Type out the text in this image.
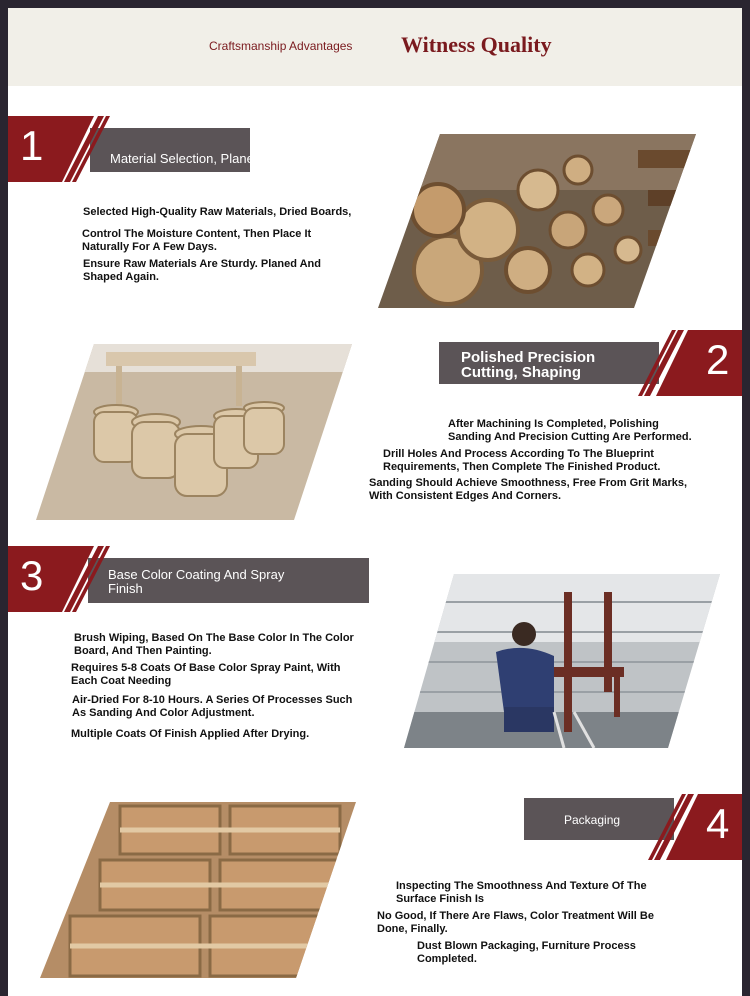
Craftsmanship Advantages Witness Quality
Material Selection, Planed
1
Selected High-Quality Raw Materials, Dried Boards,
Control The Moisture Content, Then Place It
Naturally For A Few Days.
Ensure Raw Materials Are Sturdy. Planed And
Shaped Again.
Polished Precision
Cutting, Shaping	2
After Machining Is Completed, Polishing
Sanding And Precision Cutting Are Performed.
Drill Holes And Process According To The Blueprint
Requirements, Then Complete The Finished Product.
Sanding Should Achieve Smoothness, Free From Grit Marks,
With Consistent Edges And Corners.
Base Color Coating And Spray
Finish
3
Brush Wiping, Based On The Base Color In The Color
Board, And Then Painting.
Requires 5-8 Coats Of Base Color Spray Paint, With
Each Coat Needing
Air-Dried For 8-10 Hours. A Series Of Processes Such
As Sanding And Color Adjustment.
Multiple Coats Of Finish Applied After Drying.
Packaging 4
Inspecting The Smoothness And Texture Of The
Surface Finish Is
No Good, If There Are Flaws, Color Treatment Will Be
Done, Finally.
Dust Blown Packaging, Furniture Process
Completed.
